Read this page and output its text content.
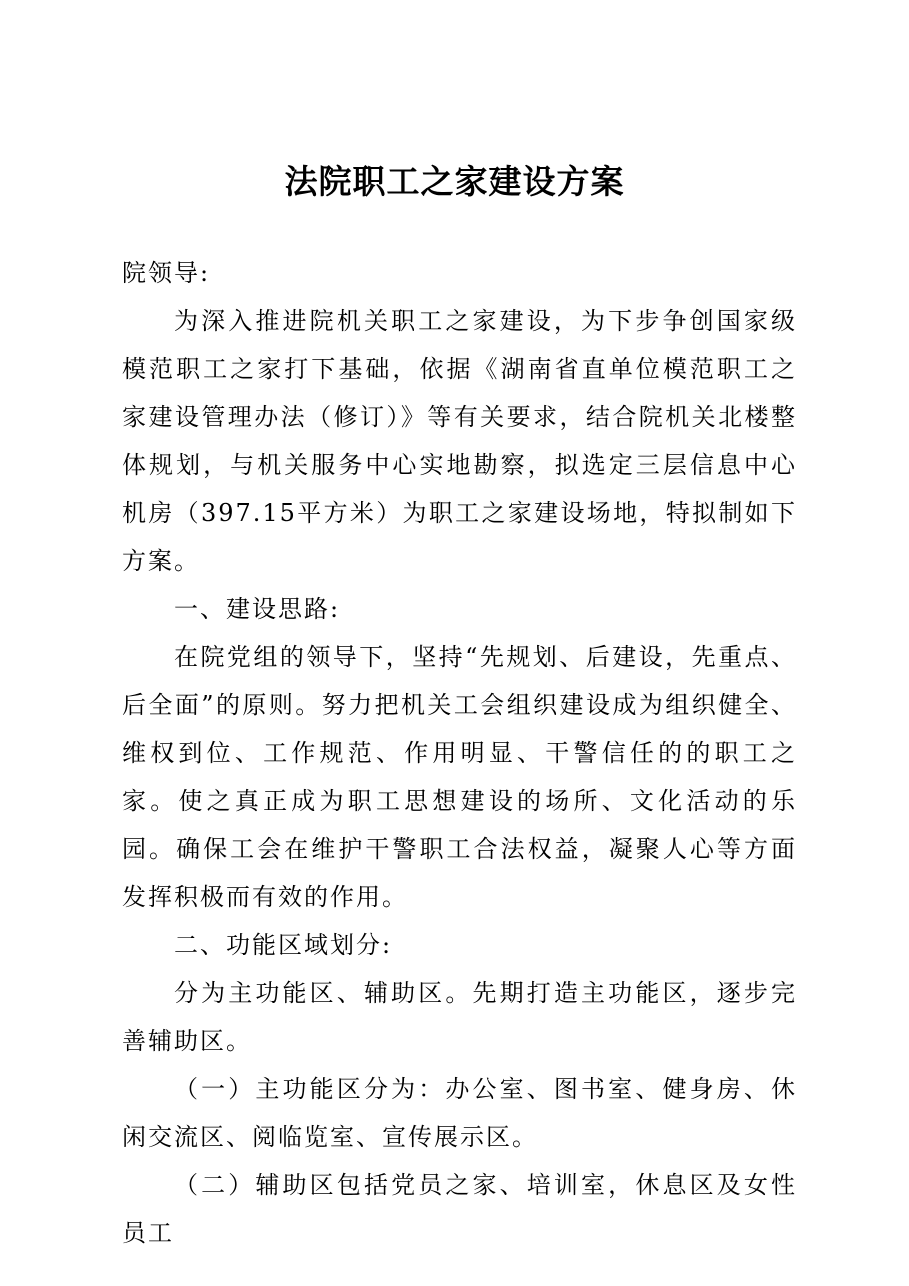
法院职工之家建设方案

院领导:

为深入推进院机关职工之家建设，为下步争创国家级模范职工之家打下基础，依据《湖南省直单位模范职工之家建设管理办法（修订）》等有关要求，结合院机关北楼整体规划，与机关服务中心实地勘察，拟选定三层信息中心机房（397.15平方米）为职工之家建设场地，特拟制如下方案。

一、建设思路:

在院党组的领导下，坚持“先规划、后建设，先重点、后全面”的原则。努力把机关工会组织建设成为组织健全、维权到位、工作规范、作用明显、干警信任的的职工之家。使之真正成为职工思想建设的场所、文化活动的乐园。确保工会在维护干警职工合法权益，凝聚人心等方面发挥积极而有效的作用。

二、功能区域划分:

分为主功能区、辅助区。先期打造主功能区，逐步完善辅助区。

（一）主功能区分为：办公室、图书室、健身房、休闲交流区、阅临览室、宣传展示区。

（二）辅助区包括党员之家、培训室，休息区及女性员工
